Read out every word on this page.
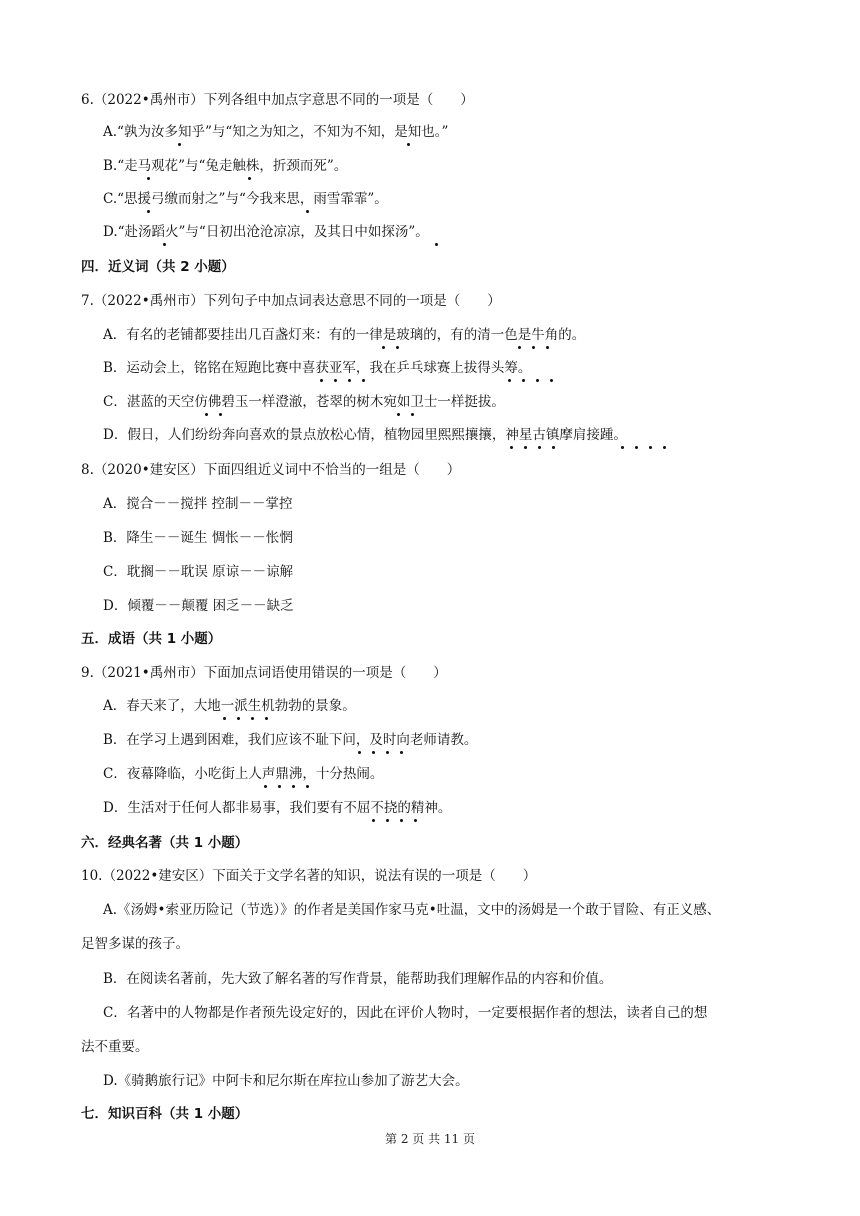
6.（2022•禹州市）下列各组中加点字意思不同的一项是（　　）
A.“孰为汝多知乎”与“知之为知之，不知为不知，是知也。”
B.“走马观花”与“兔走触株，折颈而死”。
C.“思援弓缴而射之”与“今我来思，雨雪霏霏”。
D.“赴汤蹈火”与“日初出沧沧凉凉，及其日中如探汤”。
四．近义词（共 2 小题）
7.（2022•禹州市）下列句子中加点词表达意思不同的一项是（　　）
A．有名的老铺都要挂出几百盏灯来：有的一律是玻璃的，有的清一色是牛角的。
B．运动会上，铭铭在短跑比赛中喜获亚军，我在乒乓球赛上拔得头筹。
C．湛蓝的天空仿佛碧玉一样澄澈，苍翠的树木宛如卫士一样挺拔。
D．假日，人们纷纷奔向喜欢的景点放松心情，植物园里熙熙攘攘，神星古镇摩肩接踵。
8.（2020•建安区）下面四组近义词中不恰当的一组是（　　）
A．搅合－－搅拌 控制－－掌控
B．降生－－诞生 惆怅－－怅惘
C．耽搁－－耽误 原谅－－谅解
D．倾覆－－颠覆 困乏－－缺乏
五．成语（共 1 小题）
9.（2021•禹州市）下面加点词语使用错误的一项是（　　）
A．春天来了，大地一派生机勃勃的景象。
B．在学习上遇到困难，我们应该不耻下问，及时向老师请教。
C．夜幕降临，小吃街上人声鼎沸，十分热闹。
D．生活对于任何人都非易事，我们要有不屈不挠的精神。
六．经典名著（共 1 小题）
10.（2022•建安区）下面关于文学名著的知识，说法有误的一项是（　　）
A.《汤姆•索亚历险记（节选）》的作者是美国作家马克•吐温，文中的汤姆是一个敢于冒险、有正义感、
足智多谋的孩子。
B．在阅读名著前，先大致了解名著的写作背景，能帮助我们理解作品的内容和价值。
C．名著中的人物都是作者预先设定好的，因此在评价人物时，一定要根据作者的想法，读者自己的想
法不重要。
D.《骑鹅旅行记》中阿卡和尼尔斯在库拉山参加了游艺大会。
七．知识百科（共 1 小题）
第 2 页 共 11 页
